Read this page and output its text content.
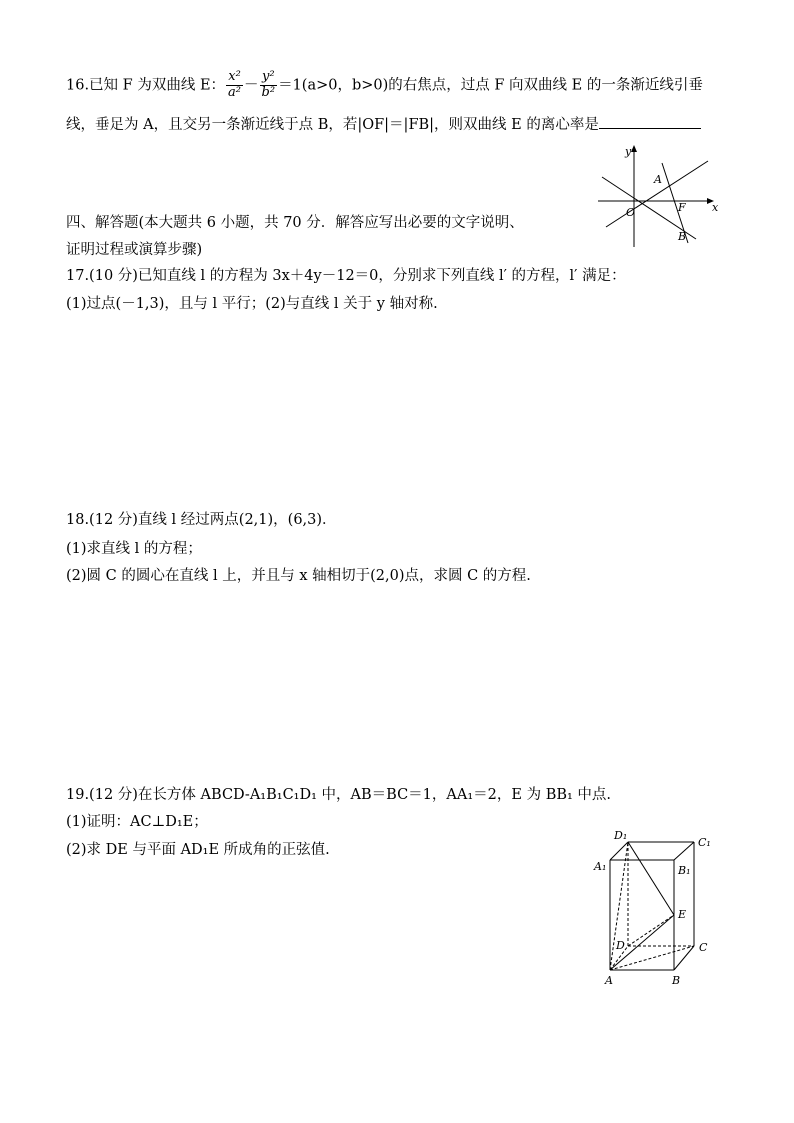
16.已知 F 为双曲线 E： $\frac{\text{x²}}{\text{a²}} - \frac{\text{y²}}{\text{b²}} =1(a>0$，b>0)的右焦点，过点 F 向双曲线 E 的一条渐近线引垂
线，垂足为 A，且交另一条渐近线于点 B，若|OF|＝|FB|，则双曲线 E 的离心率是
y
x
O
A
F
B
四、解答题(本大题共 6 小题，共 70 分．解答应写出必要的文字说明、
证明过程或演算步骤)
17.(10 分)已知直线 l 的方程为 3x＋4y－12＝0，分别求下列直线 l′ 的方程，l′ 满足：
(1)过点(－1,3)，且与 l 平行；(2)与直线 l 关于 y 轴对称.
18.(12 分)直线 l 经过两点(2,1)，(6,3)．
(1)求直线 l 的方程；
(2)圆 C 的圆心在直线 l 上，并且与 x 轴相切于(2,0)点，求圆 C 的方程.
19.(12 分)在长方体 ABCD-A₁B₁C₁D₁ 中，AB＝BC＝1，AA₁＝2，E 为 BB₁ 中点.
(1)证明：AC⊥D₁E；
(2)求 DE 与平面 AD₁E 所成角的正弦值.
D₁
C₁
A₁	B₁
E
D	C
A	B
